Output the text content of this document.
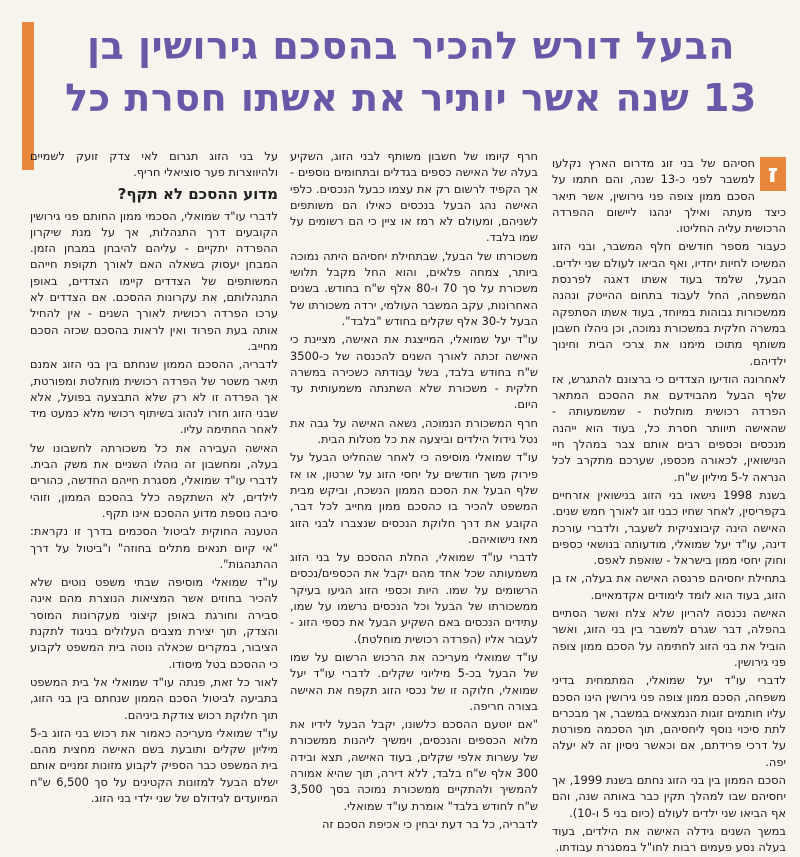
הבעל דורש להכיר בהסכם גירושין בן
13 שנה אשר יותיר את אשתו חסרת כל

ז
חסיהם של בני זוג מדרום הארץ נקלעו למשבר לפני כ-13 שנה, והם חתמו על הסכם ממון צופה פני גירושין, אשר תיאר כיצד מעתה ואילך ינהגו ליישום ההפרדה הרכושית עליה החליטו.

כעבור מספר חודשים חלף המשבר, ובני הזוג המשיכו לחיות יחדיו, ואף הביאו לעולם שני ילדים. הבעל, שלמד בעוד אשתו דאגה לפרנסת המשפחה, החל לעבוד בתחום ההייטק ונהנה ממשכורות גבוהות במיוחד, בעוד אשתו הסתפקה במשרה חלקית במשכורת נמוכה, וכן ניהלו חשבון משותף מתוכו מימנו את צרכי הבית וחינוך ילדיהם.

לאחרונה הודיעו הצדדים כי ברצונם להתגרש, אז שלף הבעל מהבוידעם את ההסכם המתאר הפרדה רכושית מוחלטת - שמשמעותה - שהאישה תיוותר חסרת כל, בעוד הוא ייהנה מנכסים וכספים רבים אותם צבר במהלך חיי הנישואין, לכאורה מכספו, שערכם מתקרב לכל הנראה ל-5 מיליון ש"ח.

בשנת 1998 נישאו בני הזוג בנישואין אזרחיים בקפריסין, לאחר שחיו כבני זוג לאורך חמש שנים. האישה הינה קיבוצניקית לשעבר, ולדברי עורכת דינה, עו"ד יעל שמואלי, מודעותה בנושאי כספים וחוק יחסי ממון בישראל - שואפת לאפס.

בתחילת יחסיהם פרנסה האישה את בעלה, אז בן הזוג, בעוד הוא לומד לימודים אקדמאיים.

האישה נכנסה להריון שלא צלח ואשר הסתיים בהפלה, דבר שגרם למשבר בין בני הזוג, ואשר הוביל את בני הזוג לחתימה על הסכם ממון צופה פני גירושין.

לדברי עו"ד יעל שמואלי, המתמחית בדיני משפחה, הסכם ממון צופה פני גירושין הינו הסכם עליו חותמים זוגות הנמצאים במשבר, אך מבכרים לתת סיכוי נוסף ליחסיהם, תוך הסכמה מפורטת על דרכי פרידתם, אם וכאשר ניסיון זה לא יעלה יפה.

הסכם הממון בין בני הזוג נחתם בשנת 1999, אך יחסיהם שבו למהלך תקין כבר באותה שנה, והם אף הביאו שני ילדים לעולם (כיום בני 5 ו-10).

במשך השנים גידלה האישה את הילדים, בעוד בעלה נסע פעמים רבות לחו"ל במסגרת עבודתו.

חרף קיומו של חשבון משותף לבני הזוג, השקיע בעלה של האישה כספים בגדלים ובתחומים נוספים - אך הקפיד לרשום רק את עצמו כבעל הנכסים. כלפי האישה נהג הבעל בנכסים כאילו הם משותפים לשניהם, ומעולם לא רמז או ציין כי הם רשומים על שמו בלבד.

משכורתו של הבעל, שבתחילת יחסיהם היתה נמוכה ביותר, צמחה פלאים, והוא החל מקבל תלושי משכורת על סך 70 ו-80 אלף ש"ח בחודש. בשנים האחרונות, עקב המשבר העולמי, ירדה משכורתו של הבעל ל-30 אלף שקלים בחודש "בלבד".

עו"ד יעל שמואלי, המייצגת את האישה, מציינת כי האישה זכתה לאורך השנים להכנסה של כ-3500 ש"ח בחודש בלבד, בשל עבודתה כשכירה במשרה חלקית - משכורת שלא השתנתה משמעותית עד היום.

חרף המשכורת הנמוכה, נשאה האישה על גבה את נטל גידול הילדים וביצעה את כל מטלות הבית.

עו"ד שמואלי מוסיפה כי לאחר שהחליט הבעל על פירוק משך חודשים על יחסי הזוג על שרטון, או אז שלף הבעל את הסכם הממון הנשכח, וביקש מבית המשפט להכיר בו כהסכם ממון מחייב לכל דבר, הקובע את דרך חלוקת הנכסים שנצברו לבני הזוג מאז נישואיהם.

לדברי עו"ד שמואלי, החלת ההסכם על בני הזוג משמעותה שכל אחד מהם יקבל את הכספים/נכסים הרשומים על שמו. היות וכספי הזוג הגיעו בעיקר ממשכורתו של הבעל וכל הנכסים נרשמו על שמו, עתידים הנכסים באם השקיע הבעל את כספי הזוג - לעבור אליו (הפרדה רכושית מוחלטת).

עו"ד שמואלי מעריכה את הרכוש הרשום על שמו של הבעל בכ-5 מיליוני שקלים. לדברי עו"ד יעל שמואלי, חלוקה זו של נכסי הזוג תקפח את האישה בצורה חריפה.

"אם יוטעם ההסכם כלשונו, יקבל הבעל לידיו את מלוא הכספים והנכסים, וימשיך ליהנות ממשכורת של עשרות אלפי שקלים, בעוד האישה, תצא ובידה 300 אלף ש"ח בלבד, ללא דירה, תוך שהיא אמורה להמשיך ולהתקיים ממשכורת נמוכה בסך 3,500 ש"ח לחודש בלבד" אומרת עו"ד שמואלי.

לדבריה, כל בר דעת יבחין כי אכיפת הסכם זה

על בני הזוג תגרום לאי צדק זועק לשמיים ולהיווצרות פער סוציאלי חריף.

מדוע ההסכם לא תקף?

לדברי עו"ד שמואלי, הסכמי ממון החותם פני גירושין הקובעים דרך התנהלות, אך על מנת שיקרון ההפרדה יתקיים - עליהם להיבחן במבחן הזמן. המבחן יעסוק בשאלה האם לאורך תקופת חייהם המשותפים של הצדדים קיימו הצדדים, באופן התנהלותם, את עקרונות ההסכם. אם הצדדים לא ערכו הפרדה רכושית לאורך השנים - אין להחיל אותה בעת הפרוד ואין לראות בהסכם שכזה הסכם מחייב.

לדבריה, ההסכם הממון שנחתם בין בני הזוג אמנם תיאר משטר של הפרדה רכושית מוחלטת ומפורטת, אך הפרדה זו לא רק שלא התבצעה בפועל, אלא שבני הזוג חזרו לנהוג בשיתוף רכושי מלא כמעט מיד לאחר החתימה עליו.

האישה העבירה את כל משכורתה לחשבונו של בעלה, ומחשבון זה נוהלו השניים את משק הבית. לדברי עו"ד שמואלי, מסגרת חייהם החדשה, כהורים לילדים, לא השתקפה כלל בהסכם הממון, וזוהי סיבה נוספת מדוע ההסכם אינו תקף.

הטענה החוקית לביטול הסכמים בדרך זו נקראת: "אי קיום תנאים מתלים בחוזה" ו"ביטול על דרך ההתנהגות".

עו"ד שמואלי מוסיפה שבתי משפט נוטים שלא להכיר בחוזים אשר המציאות הנוצרת מהם אינה סבירה וחורגת באופן קיצוני מעקרונות המוסר והצדק, תוך יצירת מצבים העלולים בניגוד לתקנת הציבור, במקרים שכאלה נוטה בית המשפט לקבוע כי ההסכם בטל מיסודו.

לאור כל זאת, פנתה עו"ד שמואלי אל בית המשפט בתביעה לביטול הסכם הממון שנחתם בין בני הזוג, תוך חלוקת רכוש צודקת ביניהם.

עו"ד שמואלי מעריכה כאמור את רכוש בני הזוג ב-5 מיליון שקלים ותובעת בשם האישה מחצית מהם. בית המשפט כבר הספיק לקבוע מזונות זמניים אותם ישלם הבעל למזונות הקטינים על סך 6,500 ש"ח המיועדים לגידולם של שני ילדי בני הזוג.
